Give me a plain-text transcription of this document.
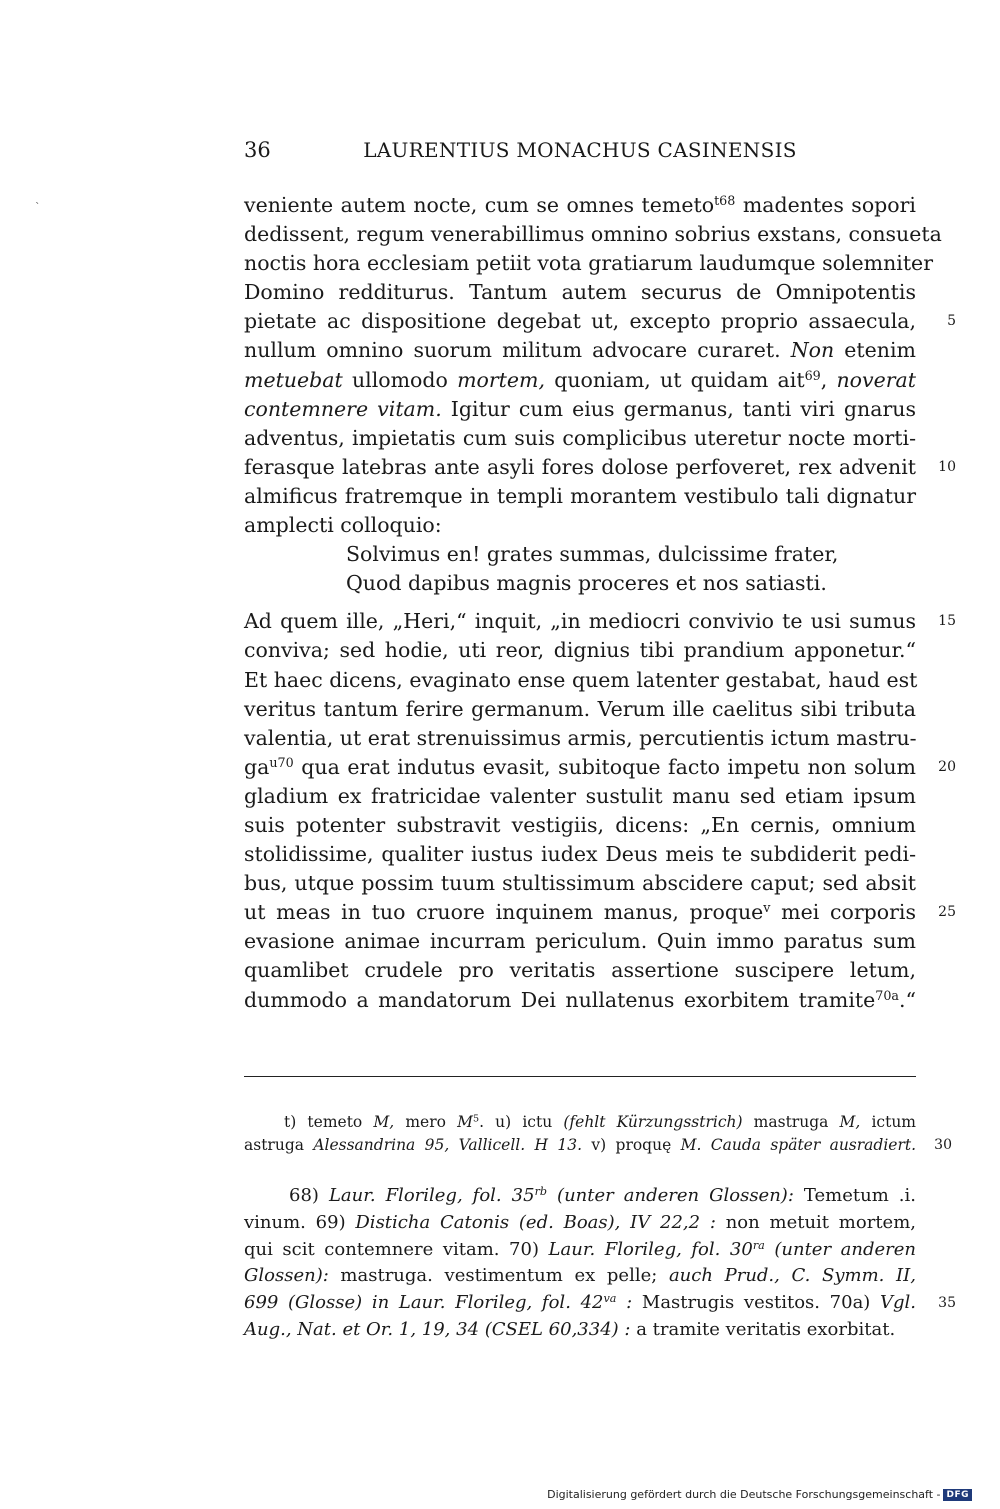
`
36	LAURENTIUS MONACHUS CASINENSIS
veniente autem nocte, cum se omnes temeto$^{t68}$ madentes sopori
dedissent, regum venerabillimus omnino sobrius exstans, consueta
noctis hora ecclesiam petiit vota gratiarum laudumque solemniter
Domino redditurus. Tantum autem securus de Omnipotentis
pietate ac dispositione degebat ut, excepto proprio assaecula, 5
nullum omnino suorum militum advocare curaret. Non etenim
metuebat ullomodo mortem, quoniam, ut quidam ait$^{69}$, noverat
contemnere vitam. Igitur cum eius germanus, tanti viri gnarus
adventus, impietatis cum suis complicibus uteretur nocte morti-
ferasque latebras ante asyli fores dolose perfoveret, rex advenit 10
almificus fratremque in templi morantem vestibulo tali dignatur
amplecti colloquio:
Solvimus en! grates summas, dulcissime frater,
Quod dapibus magnis proceres et nos satiasti.
Ad quem ille, „Heri,“ inquit, „in mediocri convivio te usi sumus 15
conviva; sed hodie, uti reor, dignius tibi prandium apponetur.“
Et haec dicens, evaginato ense quem latenter gestabat, haud est
veritus tantum ferire germanum. Verum ille caelitus sibi tributa
valentia, ut erat strenuissimus armis, percutientis ictum mastru-
$ga^{u70}$ qua erat indutus evasit, subitoque facto impetu non solum 20
gladium ex fratricidae valenter sustulit manu sed etiam ipsum
suis potenter substravit vestigiis, dicens: „En cernis, omnium
stolidissime, qualiter iustus iudex Deus meis te subdiderit pedi-
bus, utque possim tuum stultissimum abscidere caput; sed absit
ut meas in tuo cruore inquinem manus, proque$^v$ mei corporis 25
evasione animae incurram periculum. Quin immo paratus sum
quamlibet crudele pro veritatis assertione suscipere letum,
dummodo a mandatorum Dei nullatenus exorbitem tramite$^{70a}$.“
t) temeto M, mero $M^5$. u) ictu (fehlt Kürzungsstrich) mastruga M, ictum
astruga Alessandrina 95, Vallicell. H 13. v) proquę M. Cauda später ausradiert. 30
68) Laur. Florileg, fol. $35^{rb}$ (unter anderen Glossen): Temetum .i.
vinum. 69) Disticha Catonis (ed. Boas), IV 22,2 : non metuit mortem,
qui scit contemnere vitam. 70) Laur. Florileg, fol. $30^{ra}$ (unter anderen
Glossen): mastruga. vestimentum ex pelle; auch Prud., C. Symm. II,
699 (Glosse) in Laur. Florileg, fol. $42^{va}$ : Mastrugis vestitos. 70a) Vgl. 35
Aug., Nat. et Or. 1, 19, 34 (CSEL 60,334) : a tramite veritatis exorbitat.
Digitalisierung gefördert durch die Deutsche Forschungsgemeinschaft - DFG
